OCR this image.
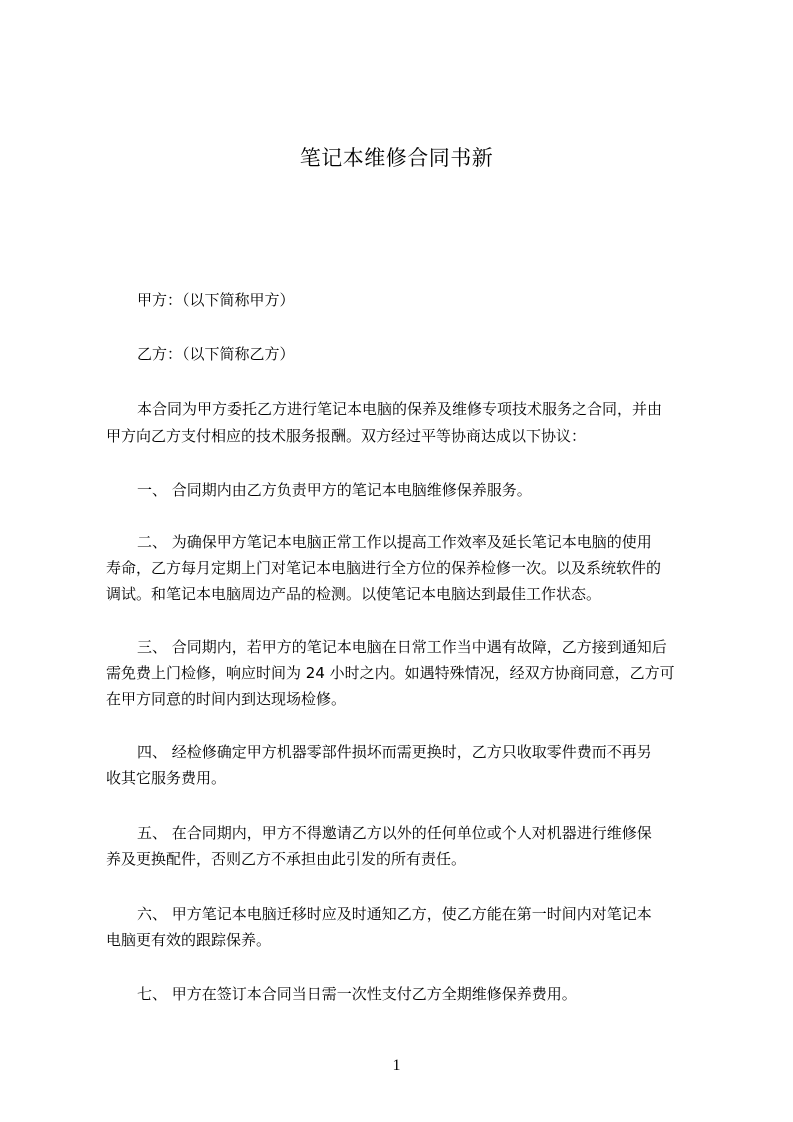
笔记本维修合同书新

甲方：（以下简称甲方）

乙方：（以下简称乙方）

本合同为甲方委托乙方进行笔记本电脑的保养及维修专项技术服务之合同，并由

甲方向乙方支付相应的技术服务报酬。双方经过平等协商达成以下协议：

一、 合同期内由乙方负责甲方的笔记本电脑维修保养服务。

二、 为确保甲方笔记本电脑正常工作以提高工作效率及延长笔记本电脑的使用

寿命，乙方每月定期上门对笔记本电脑进行全方位的保养检修一次。以及系统软件的

调试。和笔记本电脑周边产品的检测。以使笔记本电脑达到最佳工作状态。

三、 合同期内，若甲方的笔记本电脑在日常工作当中遇有故障，乙方接到通知后

需免费上门检修，响应时间为 24 小时之内。如遇特殊情况，经双方协商同意，乙方可

在甲方同意的时间内到达现场检修。

四、 经检修确定甲方机器零部件损坏而需更换时，乙方只收取零件费而不再另

收其它服务费用。

五、 在合同期内，甲方不得邀请乙方以外的任何单位或个人对机器进行维修保

养及更换配件，否则乙方不承担由此引发的所有责任。

六、 甲方笔记本电脑迁移时应及时通知乙方，使乙方能在第一时间内对笔记本

电脑更有效的跟踪保养。

七、 甲方在签订本合同当日需一次性支付乙方全期维修保养费用。

1
